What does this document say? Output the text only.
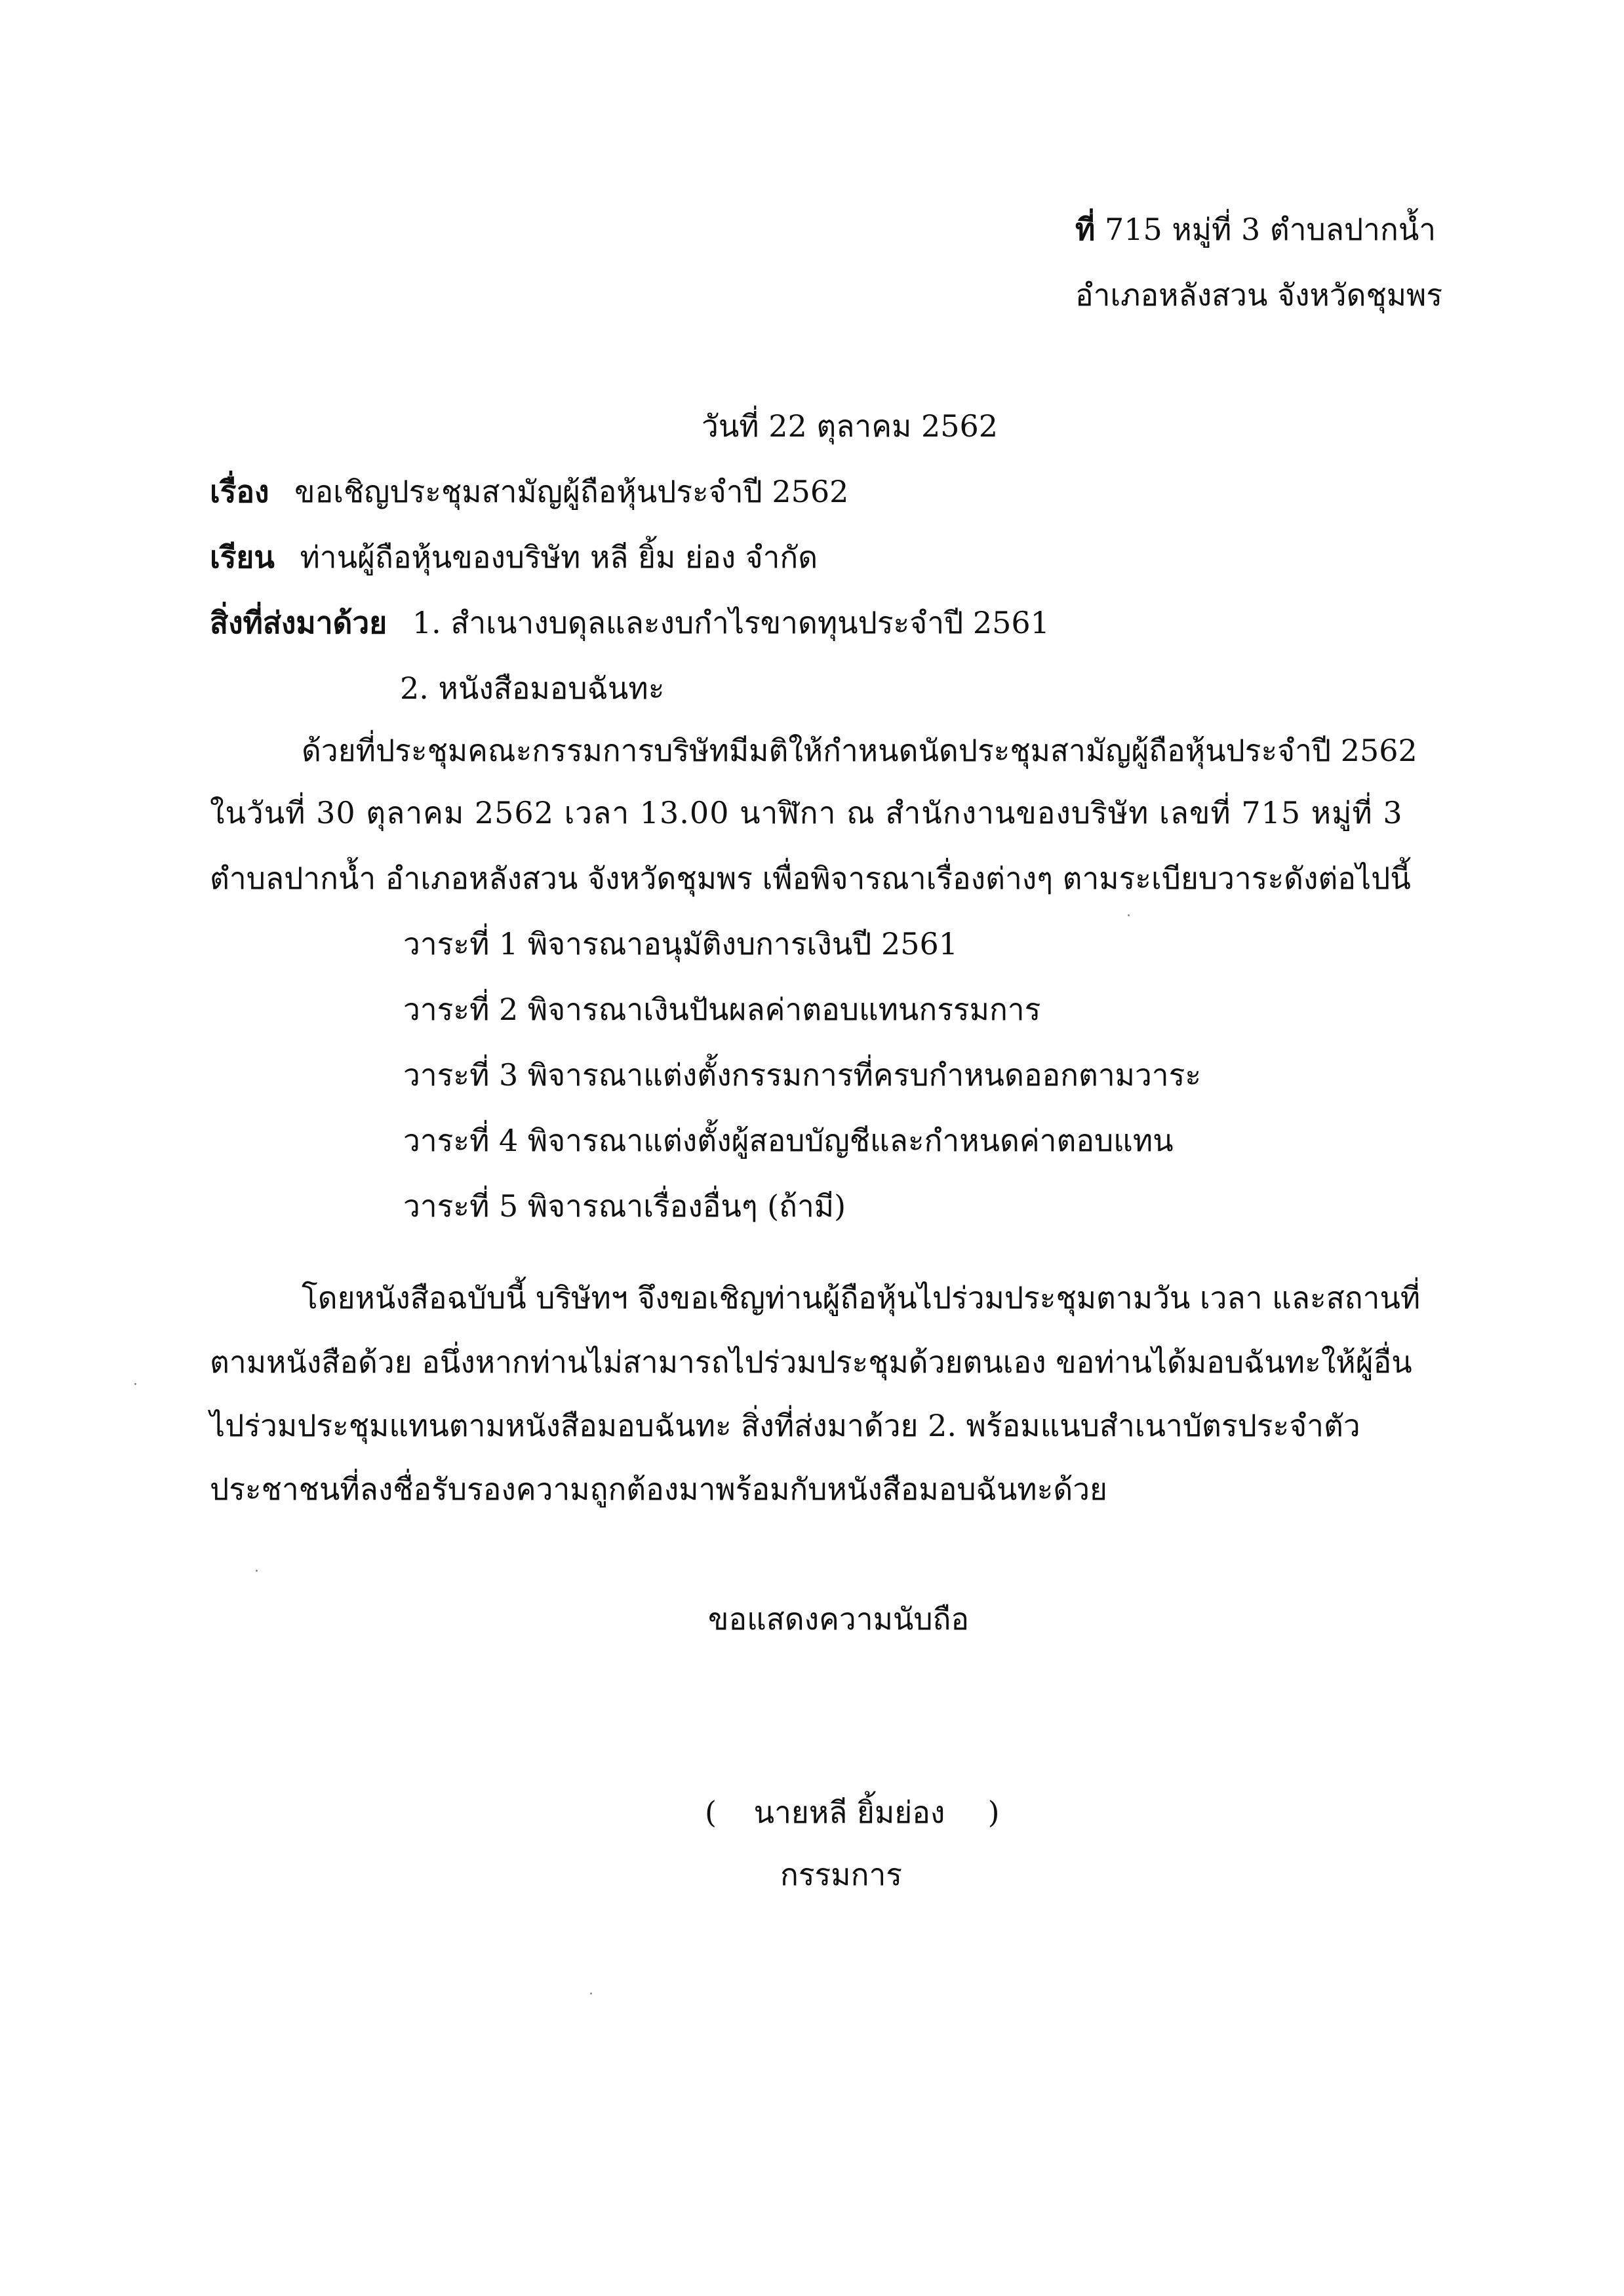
ที่ 715 หมู่ที่ 3 ตำบลปากน้ำ
อำเภอหลังสวน จังหวัดชุมพร
วันที่ 22 ตุลาคม 2562
เรื่อง ขอเชิญประชุมสามัญผู้ถือหุ้นประจำปี 2562
เรียน ท่านผู้ถือหุ้นของบริษัท หลี ยิ้ม ย่อง จำกัด
สิ่งที่ส่งมาด้วย 1. สำเนางบดุลและงบกำไรขาดทุนประจำปี 2561
2. หนังสือมอบฉันทะ
ด้วยที่ประชุมคณะกรรมการบริษัทมีมติให้กำหนดนัดประชุมสามัญผู้ถือหุ้นประจำปี 2562
ในวันที่ 30 ตุลาคม 2562 เวลา 13.00 นาฬิกา ณ สำนักงานของบริษัท เลขที่ 715 หมู่ที่ 3
ตำบลปากน้ำ อำเภอหลังสวน จังหวัดชุมพร เพื่อพิจารณาเรื่องต่างๆ ตามระเบียบวาระดังต่อไปนี้
วาระที่ 1 พิจารณาอนุมัติงบการเงินปี 2561
วาระที่ 2 พิจารณาเงินปันผลค่าตอบแทนกรรมการ
วาระที่ 3 พิจารณาแต่งตั้งกรรมการที่ครบกำหนดออกตามวาระ
วาระที่ 4 พิจารณาแต่งตั้งผู้สอบบัญชีและกำหนดค่าตอบแทน
วาระที่ 5 พิจารณาเรื่องอื่นๆ (ถ้ามี)
โดยหนังสือฉบับนี้ บริษัทฯ จึงขอเชิญท่านผู้ถือหุ้นไปร่วมประชุมตามวัน เวลา และสถานที่
ตามหนังสือด้วย อนึ่งหากท่านไม่สามารถไปร่วมประชุมด้วยตนเอง ขอท่านได้มอบฉันทะให้ผู้อื่น
ไปร่วมประชุมแทนตามหนังสือมอบฉันทะ สิ่งที่ส่งมาด้วย 2. พร้อมแนบสำเนาบัตรประจำตัว
ประชาชนที่ลงชื่อรับรองความถูกต้องมาพร้อมกับหนังสือมอบฉันทะด้วย
ขอแสดงความนับถือ
( นายหลี ยิ้มย่อง )
กรรมการ
